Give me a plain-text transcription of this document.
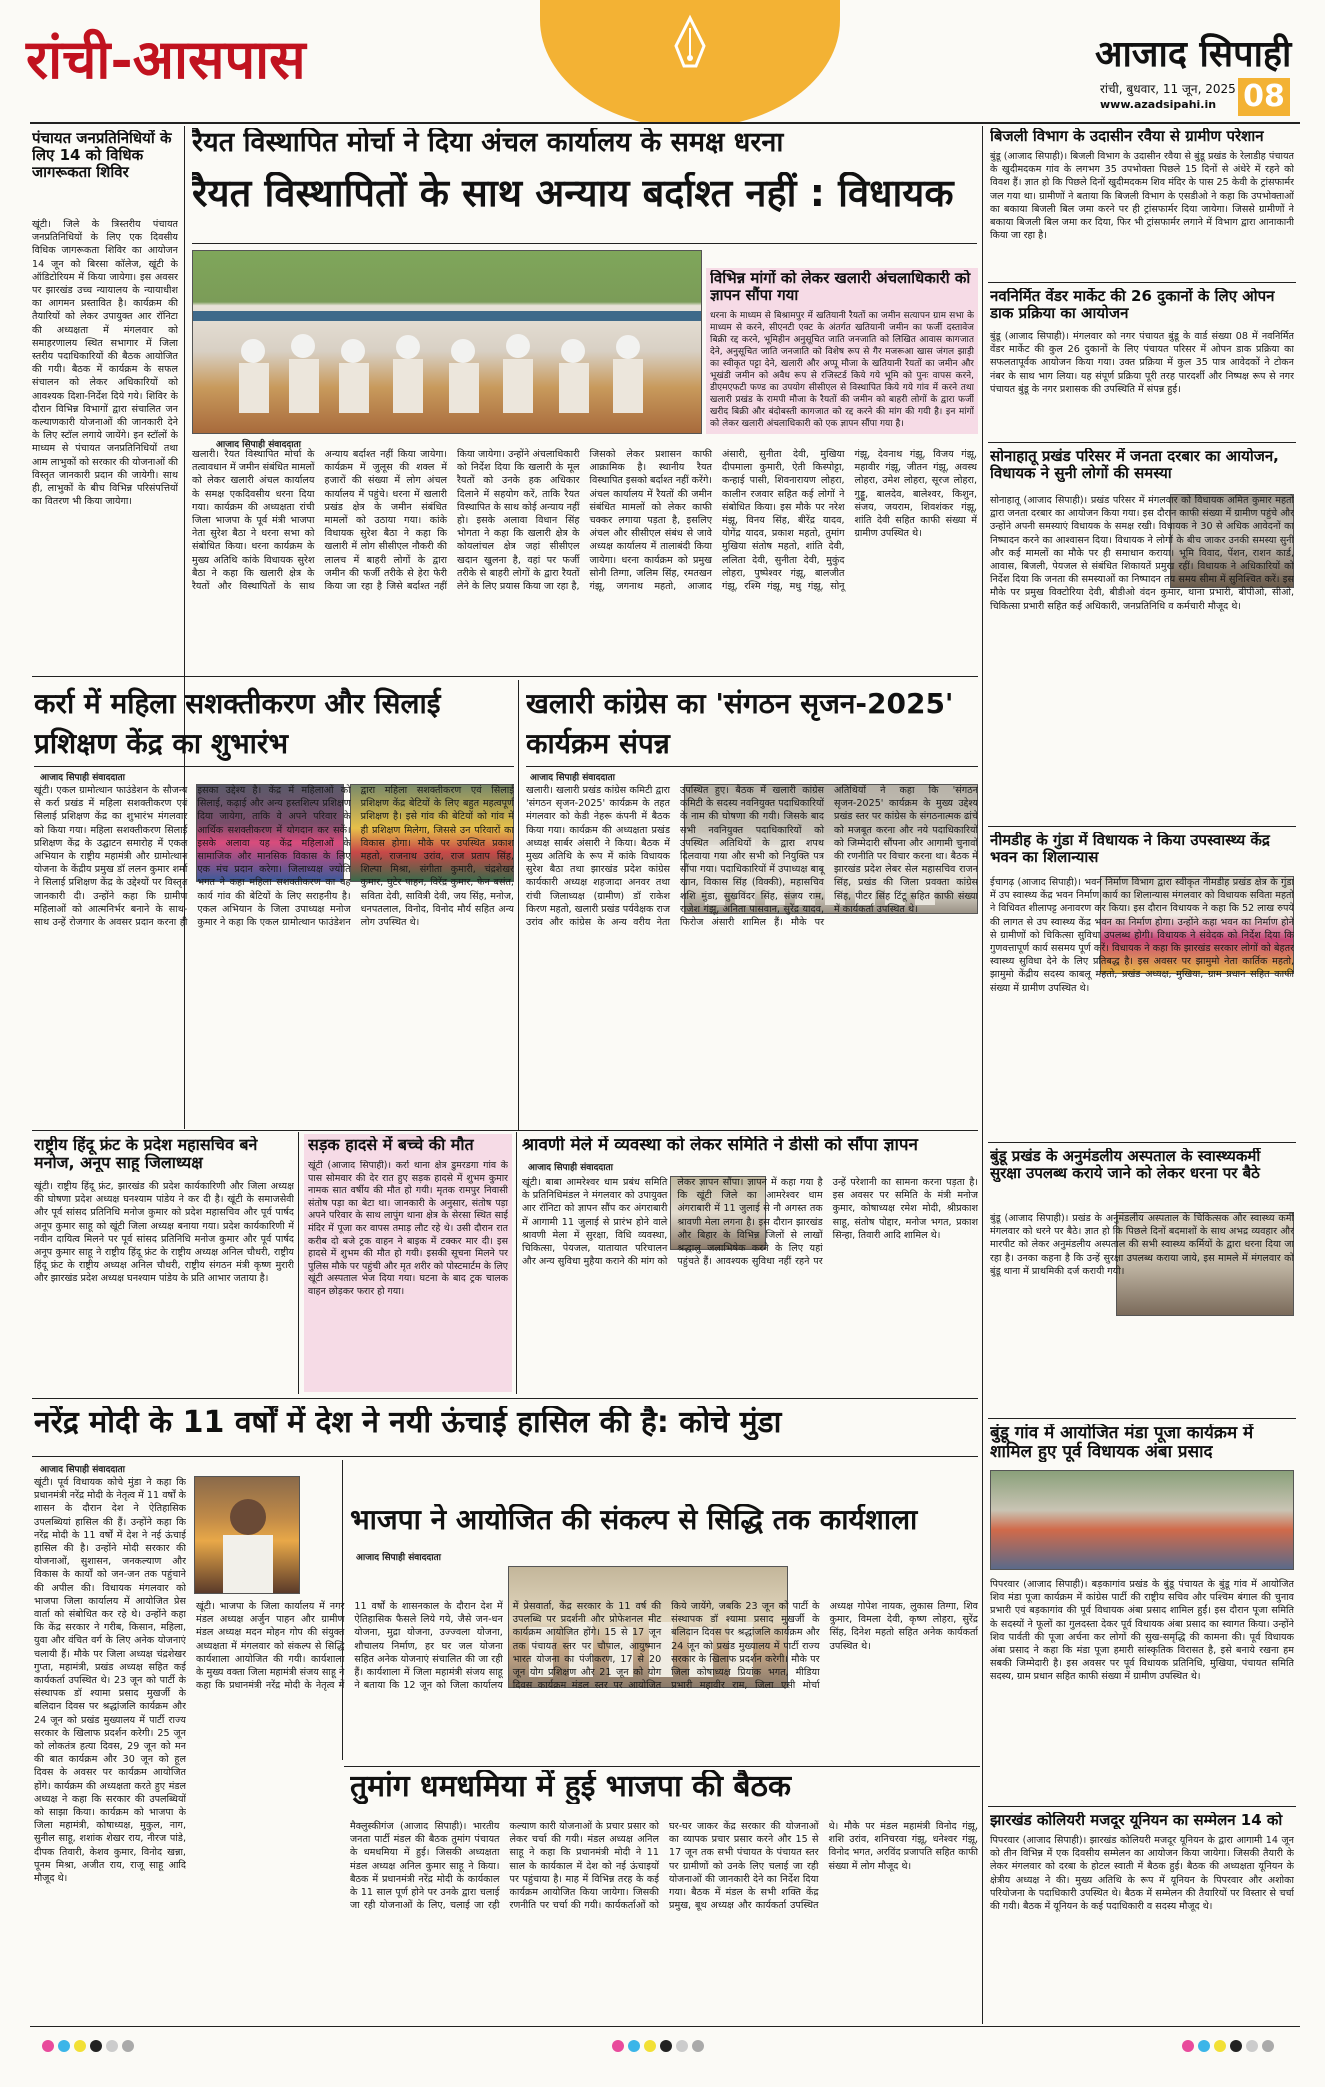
रांची-आसपास	आजाद सिपाही
रांची, बुधवार, 11 जून, 2025
www.azadsipahi.in 08
पंचायत जनप्रतिनिधियों के लिए 14 को विधिक जागरूकता शिविर
खूंटी। जिले के त्रिस्तरीय पंचायत जनप्रतिनिधियों के लिए एक दिवसीय विधिक जागरूकता शिविर का आयोजन 14 जून को बिरसा कॉलेज, खूंटी के ऑडिटोरियम में किया जायेगा। इस अवसर पर झारखंड उच्च न्यायालय के न्यायाधीश का आगमन प्रस्तावित है। कार्यक्रम की तैयारियों को लेकर उपायुक्त आर रॉनिटा की अध्यक्षता में मंगलवार को समाहरणालय स्थित सभागार में जिला स्तरीय पदाधिकारियों की बैठक आयोजित की गयी। बैठक में कार्यक्रम के सफल संचालन को लेकर अधिकारियों को आवश्यक दिशा-निर्देश दिये गये। शिविर के दौरान विभिन्न विभागों द्वारा संचालित जन कल्याणकारी योजनाओं की जानकारी देने के लिए स्टॉल लगाये जायेंगे। इन स्टॉलों के माध्यम से पंचायत जनप्रतिनिधियों तथा आम लाभुकों को सरकार की योजनाओं की विस्तृत जानकारी प्रदान की जायेगी। साथ ही, लाभुकों के बीच विभिन्न परिसंपत्तियों का वितरण भी किया जायेगा।
रैयत विस्थापित मोर्चा ने दिया अंचल कार्यालय के समक्ष धरना
रैयत विस्थापितों के साथ अन्याय बर्दाश्त नहीं : विधायक
विभिन्न मांगों को लेकर खलारी अंचलाधिकारी को ज्ञापन सौंपा गया
धरना के माध्यम से बिश्रामपुर में खतियानी रैयतों का जमीन सत्यापन ग्राम सभा के माध्यम से करने, सीएनटी एक्ट के अंतर्गत खतियानी जमीन का फर्जी दस्तावेज बिक्री रद्द करने, भूमिहीन अनुसूचित जाति जनजाति को लिखित आवास कागजात देने, अनुसूचित जाति जनजाति को विशेष रूप से गैर मजरूआ खास जंगल झाड़ी का स्वीकृत पट्टा देने, खलारी और अप्पू मौजा के खतियानी रैयतों का जमीन और भूखंडी जमीन को अवैध रूप से रजिस्टर्ड किये गये भूमि को पुनः वापस करने, डीएमएफटी फण्ड का उपयोग सीसीएल से विस्थापित किये गये गांव में करने तथा खलारी प्रखंड के रामपी मौजा के रैयतों की जमीन को बाहरी लोगों के द्वारा फर्जी खरीद बिक्री और बंदोबस्ती कागजात को रद्द करने की मांग की गयी है। इन मांगों को लेकर खलारी अंचलाधिकारी को एक ज्ञापन सौंपा गया है।
आजाद सिपाही संवाददाता
खलारी। रैयत विस्थापित मोर्चा के तत्वावधान में जमीन संबंधित मामलों को लेकर खलारी अंचल कार्यालय के समक्ष एकदिवसीय धरना दिया गया। कार्यक्रम की अध्यक्षता रांची जिला भाजपा के पूर्व मंत्री भाजपा नेता सुरेश बैठा ने धरना सभा को संबोधित किया। धरना कार्यक्रम के मुख्य अतिथि कांके विधायक सुरेश बैठा ने कहा कि खलारी क्षेत्र के रैयतों और विस्थापितों के साथ अन्याय बर्दाश्त नहीं किया जायेगा। कार्यक्रम में जुलूस की शक्ल में हजारों की संख्या में लोग अंचल कार्यालय में पहुंचे। धरना में खलारी प्रखंड क्षेत्र के जमीन संबंधित मामलों को उठाया गया। कांके विधायक सुरेश बैठा ने कहा कि खलारी में लोग सीसीएल नौकरी की लालच में बाहरी लोगों के द्वारा जमीन की फर्जी तरीके से हेरा फेरी किया जा रहा है जिसे बर्दाश्त नहीं किया जायेगा। उन्होंने अंचलाधिकारी को निर्देश दिया कि खलारी के मूल रैयतों को उनके हक अधिकार दिलाने में सहयोग करें, ताकि रैयत विस्थापित के साथ कोई अन्याय नहीं हो। इसके अलावा विधान सिंह भोगता ने कहा कि खलारी क्षेत्र के कोयलांचल क्षेत्र जहां सीसीएल खदान खुलना है, वहां पर फर्जी तरीके से बाहरी लोगों के द्वारा रैयतों लेने के लिए प्रयास किया जा रहा है, जिसको लेकर प्रशासन काफी आक्रामिक है। स्थानीय रैयत विस्थापित इसको बर्दाश्त नहीं करेंगे। अंचल कार्यालय में रैयतों की जमीन संबंधित मामलों को लेकर काफी चक्कर लगाया पड़ता है, इसलिए अंचल और सीसीएल संबंध से जावे अध्यक्ष कार्यालय में तालाबंदी किया जायेगा। धरना कार्यक्रम को प्रमुख सोनी तिग्गा, जलिम सिंह, रमतखन गंझू, जगनाथ महतो, आजाद अंसारी, सुनीता देवी, मुखिया दीपमाला कुमारी, ऐती किस्पोट्टा, कन्हाई पासी, शिवनारायण लोहरा, कालीन रजवार सहित कई लोगों ने संबोधित किया। इस मौके पर नरेश मंझू, विनय सिंह, बीरेंद्र यादव, योगेंद्र यादव, प्रकाश महतो, तुमांग मुखिया संतोष महतो, शांति देवी, ललिता देवी, सुनीता देवी, मुकुंद लोहरा, पुष्पेश्वर गंझू, बालजीत गंझू, रश्मि गंझू, मधु गंझू, सोनू गंझू, देवनाथ गंझू, विजय गंझू, महावीर गंझू, जीतन गंझू, अवस्थ लोहरा, उमेश लोहरा, सूरज लोहरा, गुड्डू, बालदेव, बालेश्वर, किशुन, संजय, जयराम, शिवशंकर गंझू, शांति देवी सहित काफी संख्या में ग्रामीण उपस्थित थे।
कर्रा में महिला सशक्तीकरण और सिलाई प्रशिक्षण केंद्र का शुभारंभ
आजाद सिपाही संवाददाता
खूंटी। एकल ग्रामोत्थान फाउंडेशन के सौजन्य से कर्रा प्रखंड में महिला सशक्तीकरण एवं सिलाई प्रशिक्षण केंद्र का शुभारंभ मंगलवार को किया गया। महिला सशक्तीकरण सिलाई प्रशिक्षण केंद्र के उद्घाटन समारोह में एकल अभियान के राष्ट्रीय महामंत्री और ग्रामोत्थान योजना के केंद्रीय प्रमुख डॉ ललन कुमार शर्मा ने सिलाई प्रशिक्षण केंद्र के उद्देश्यों पर विस्तृत जानकारी दी। उन्होंने कहा कि ग्रामीण महिलाओं को आत्मनिर्भर बनाने के साथ-साथ उन्हें रोजगार के अवसर प्रदान करना ही इसका उद्देश्य है। केंद्र में महिलाओं को सिलाई, कढ़ाई और अन्य हस्तशिल्प प्रशिक्षण दिया जायेगा, ताकि वे अपने परिवार के आर्थिक सशक्तीकरण में योगदान कर सकें। इसके अलावा यह केंद्र महिलाओं के सामाजिक और मानसिक विकास के लिए एक मंच प्रदान करेगा। जिलाध्यक्ष ज्योति भगत ने कहा महिला सशक्तीकरण का यह कार्य गांव की बेटियों के लिए सराहनीय है। एकल अभियान के जिला उपाध्यक्ष मनोज कुमार ने कहा कि एकल ग्रामोत्थान फाउंडेशन द्वारा महिला सशक्तीकरण एवं सिलाई प्रशिक्षण केंद्र बेटियों के लिए बहुत महत्वपूर्ण प्रशिक्षण है। इसे गांव की बेटियों को गांव में ही प्रशिक्षण मिलेगा, जिससे उन परिवारों का विकास होगा। मौके पर उपस्थित प्रकाश महतो, राजनाथ उरांव, राज प्रताप सिंह, शिल्पा मिश्रा, संगीता कुमारी, चंद्रशेखर कुमार, घुटेर पाहन, विरेंद्र कुमार, फेन बसंत, सविता देवी, सावित्री देवी, जय सिंह, मनोज, धनपतलाल, विनोद, विनोद मौर्य सहित अन्य लोग उपस्थित थे।
खलारी कांग्रेस का 'संगठन सृजन-2025' कार्यक्रम संपन्न
आजाद सिपाही संवाददाता
खलारी। खलारी प्रखंड कांग्रेस कमिटी द्वारा 'संगठन सृजन-2025' कार्यक्रम के तहत मंगलवार को केडी नेहरू कंपनी में बैठक किया गया। कार्यक्रम की अध्यक्षता प्रखंड अध्यक्ष सार्बर अंसारी ने किया। बैठक में मुख्य अतिथि के रूप में कांके विधायक सुरेश बैठा तथा झारखंड प्रदेश कांग्रेस कार्यकारी अध्यक्ष शहजादा अनवर तथा रांची जिलाध्यक्ष (ग्रामीण) डॉ राकेश किरण महतो, खलारी प्रखंड पर्यवेक्षक राज उरांव और कांग्रेस के अन्य वरीय नेता उपस्थित हुए। बैठक में खलारी कांग्रेस कमिटी के सदस्य नवनियुक्त पदाधिकारियों के नाम की घोषणा की गयी। जिसके बाद सभी नवनियुक्त पदाधिकारियों को उपस्थित अतिथियों के द्वारा शपथ दिलवाया गया और सभी को नियुक्ति पत्र सौंपा गया। पदाधिकारियों में उपाध्यक्ष बाबू खान, विकास सिंह (विक्की), महासचिव शशि मुंडा, सुखविंदर सिंह, संजय राम, राजेश गंझू, अनिता पासवान, सुरेंद्र यादव, फिरोज अंसारी शामिल हैं। मौके पर अतिथियों ने कहा कि 'संगठन सृजन-2025' कार्यक्रम के मुख्य उद्देश्य प्रखंड स्तर पर कांग्रेस के संगठनात्मक ढांचे को मजबूत करना और नये पदाधिकारियों को जिम्मेदारी सौंपना और आगामी चुनावों की रणनीति पर विचार करना था। बैठक में झारखंड प्रदेश लेबर सेल महासचिव राजन सिंह, प्रखंड की जिला प्रवक्ता कांग्रेस सिंह, पीटर सिंह टिंटू सहित काफी संख्या में कार्यकर्ता उपस्थित थे।
राष्ट्रीय हिंदू फ्रंट के प्रदेश महासचिव बने मनोज, अनूप साहू जिलाध्यक्ष
खूंटी। राष्ट्रीय हिंदू फ्रंट, झारखंड की प्रदेश कार्यकारिणी और जिला अध्यक्ष की घोषणा प्रदेश अध्यक्ष घनश्याम पांडेय ने कर दी है। खूंटी के समाजसेवी और पूर्व सांसद प्रतिनिधि मनोज कुमार को प्रदेश महासचिव और पूर्व पार्षद अनूप कुमार साहू को खूंटी जिला अध्यक्ष बनाया गया। प्रदेश कार्यकारिणी में नवीन दायित्व मिलने पर पूर्व सांसद प्रतिनिधि मनोज कुमार और पूर्व पार्षद अनूप कुमार साहू ने राष्ट्रीय हिंदू फ्रंट के राष्ट्रीय अध्यक्ष अनिल चौधरी, राष्ट्रीय हिंदू फ्रंट के राष्ट्रीय अध्यक्ष अनिल चौधरी, राष्ट्रीय संगठन मंत्री कृष्ण मुरारी और झारखंड प्रदेश अध्यक्ष घनश्याम पांडेय के प्रति आभार जताया है।
सड़क हादसे में बच्चे की मौत
खूंटी (आजाद सिपाही)। कर्रा थाना क्षेत्र डुमरडगा गांव के पास सोमवार की देर रात हुए सड़क हादसे में शुभम कुमार नामक सात वर्षीय की मौत हो गयी। मृतक रामपुर निवासी संतोष पड़ा का बेटा था। जानकारी के अनुसार, संतोष पड़ा अपने परिवार के साथ लापुंग थाना क्षेत्र के सेरसा स्थित साई मंदिर में पूजा कर वापस तमाड़ लौट रहे थे। उसी दौरान रात करीब दो बजे ट्रक वाहन ने बाइक में टक्कर मार दी। इस हादसे में शुभम की मौत हो गयी। इसकी सूचना मिलने पर पुलिस मौके पर पहुंची और मृत शरीर को पोस्टमार्टम के लिए खूंटी अस्पताल भेज दिया गया। घटना के बाद ट्रक चालक वाहन छोड़कर फरार हो गया।
श्रावणी मेले में व्यवस्था को लेकर समिति ने डीसी को सौंपा ज्ञापन
आजाद सिपाही संवाददाता
खूंटी। बाबा आमरेश्वर धाम प्रबंध समिति के प्रतिनिधिमंडल ने मंगलवार को उपायुक्त आर रॉनिटा को ज्ञापन सौंप कर अंगराबारी में आगामी 11 जुलाई से प्रारंभ होने वाले श्रावणी मेला में सुरक्षा, विधि व्यवस्था, चिकित्सा, पेयजल, यातायात परिचालन और अन्य सुविधा मुहैया कराने की मांग को लेकर ज्ञापन सौंपा। ज्ञापन में कहा गया है कि खूंटी जिले का आमरेश्वर धाम अंगराबारी में 11 जुलाई से नौ अगस्त तक श्रावणी मेला लगना है। इस दौरान झारखंड और बिहार के विभिन्न जिलों से लाखों श्रद्धालु जलाभिषेक करने के लिए यहां पहुंचते हैं। आवश्यक सुविधा नहीं रहने पर उन्हें परेशानी का सामना करना पड़ता है। इस अवसर पर समिति के मंत्री मनोज कुमार, कोषाध्यक्ष रमेश मोदी, श्रीप्रकाश साहू, संतोष पोद्दार, मनोज भगत, प्रकाश सिन्हा, तिवारी आदि शामिल थे।
नरेंद्र मोदी के 11 वर्षों में देश ने नयी ऊंचाई हासिल की है: कोचे मुंडा
आजाद सिपाही संवाददाता
खूंटी। पूर्व विधायक कोचे मुंडा ने कहा कि प्रधानमंत्री नरेंद्र मोदी के नेतृत्व में 11 वर्षों के शासन के दौरान देश ने ऐतिहासिक उपलब्धियां हासिल की हैं। उन्होंने कहा कि नरेंद्र मोदी के 11 वर्षों में देश ने नई ऊंचाई हासिल की है। उन्होंने मोदी सरकार की योजनाओं, सुशासन, जनकल्याण और विकास के कार्यों को जन-जन तक पहुंचाने की अपील की। विधायक मंगलवार को भाजपा जिला कार्यालय में आयोजित प्रेस वार्ता को संबोधित कर रहे थे। उन्होंने कहा कि केंद्र सरकार ने गरीब, किसान, महिला, युवा और वंचित वर्ग के लिए अनेक योजनाएं चलायी हैं। मौके पर जिला अध्यक्ष चंद्रशेखर गुप्ता, महामंत्री, प्रखंड अध्यक्ष सहित कई कार्यकर्ता उपस्थित थे। 23 जून को पार्टी के संस्थापक डॉ श्यामा प्रसाद मुखर्जी के बलिदान दिवस पर श्रद्धांजलि कार्यक्रम और 24 जून को प्रखंड मुख्यालय में पार्टी राज्य सरकार के खिलाफ प्रदर्शन करेगी। 25 जून को लोकतंत्र हत्या दिवस, 29 जून को मन की बात कार्यक्रम और 30 जून को हूल दिवस के अवसर पर कार्यक्रम आयोजित होंगे। कार्यक्रम की अध्यक्षता करते हुए मंडल अध्यक्ष ने कहा कि सरकार की उपलब्धियों को साझा किया। कार्यक्रम को भाजपा के जिला महामंत्री, कोषाध्यक्ष, मुकुल, नाग, सुनील साहू, शशांक शेखर राय, नीरज पांडे, दीपक तिवारी, केशव कुमार, विनोद खन्ना, पूनम मिश्रा, अजीत राय, राजू साहू आदि मौजूद थे।
भाजपा ने आयोजित की संकल्प से सिद्धि तक कार्यशाला
आजाद सिपाही संवाददाता
खूंटी। भाजपा के जिला कार्यालय में नगर मंडल अध्यक्ष अर्जुन पाहन और ग्रामीण मंडल अध्यक्ष मदन मोहन गोप की संयुक्त अध्यक्षता में मंगलवार को संकल्प से सिद्धि कार्यशाला आयोजित की गयी। कार्यशाला के मुख्य वक्ता जिला महामंत्री संजय साहू ने कहा कि प्रधानमंत्री नरेंद्र मोदी के नेतृत्व में 11 वर्षों के शासनकाल के दौरान देश में ऐतिहासिक फैसले लिये गये, जैसे जन-धन योजना, मुद्रा योजना, उज्ज्वला योजना, शौचालय निर्माण, हर घर जल योजना सहित अनेक योजनाएं संचालित की जा रही हैं। कार्यशाला में जिला महामंत्री संजय साहू ने बताया कि 12 जून को जिला कार्यालय में प्रेसवार्ता, केंद्र सरकार के 11 वर्ष की उपलब्धि पर प्रदर्शनी और प्रोफेशनल मीट कार्यक्रम आयोजित होंगे। 15 से 17 जून तक पंचायत स्तर पर चौपाल, आयुष्मान भारत योजना का पंजीकरण, 17 से 20 जून योग प्रशिक्षण और 21 जून को योग दिवस कार्यक्रम मंडल स्तर पर आयोजित किये जायेंगे, जबकि 23 जून को पार्टी के संस्थापक डॉ श्यामा प्रसाद मुखर्जी के बलिदान दिवस पर श्रद्धांजलि कार्यक्रम और 24 जून को प्रखंड मुख्यालय में पार्टी राज्य सरकार के खिलाफ प्रदर्शन करेगी। मौके पर जिला कोषाध्यक्ष प्रियांक भगत, मीडिया प्रभारी महावीर राम, जिला एसी मोर्चा अध्यक्ष गोपेश नायक, लुकास तिग्गा, शिव कुमार, विमला देवी, कृष्ण लोहरा, सुरेंद्र सिंह, दिनेश महतो सहित अनेक कार्यकर्ता उपस्थित थे।
तुमांग धमधमिया में हुई भाजपा की बैठक
मैक्लुस्कीगंज (आजाद सिपाही)। भारतीय जनता पार्टी मंडल की बैठक तुमांग पंचायत के धमधमिया में हुई। जिसकी अध्यक्षता मंडल अध्यक्ष अनिल कुमार साहू ने किया। बैठक में प्रधानमंत्री नरेंद्र मोदी के कार्यकाल के 11 साल पूर्ण होने पर उनके द्वारा चलाई जा रही योजनाओं के लिए, चलाई जा रही कल्याण कारी योजनाओं के प्रचार प्रसार को लेकर चर्चा की गयी। मंडल अध्यक्ष अनिल साहू ने कहा कि प्रधानमंत्री मोदी ने 11 साल के कार्यकाल में देश को नई ऊंचाइयों पर पहुंचाया है। माह में विभिन्न तरह के कई कार्यक्रम आयोजित किया जायेगा। जिसकी रणनीति पर चर्चा की गयी। कार्यकर्ताओं को घर-घर जाकर केंद्र सरकार की योजनाओं का व्यापक प्रचार प्रसार करने और 15 से 17 जून तक सभी पंचायत के पंचायत स्तर पर ग्रामीणों को उनके लिए चलाई जा रही योजनाओं की जानकारी देने का निर्देश दिया गया। बैठक में मंडल के सभी शक्ति केंद्र प्रमुख, बूथ अध्यक्ष और कार्यकर्ता उपस्थित थे। मौके पर मंडल महामंत्री विनोद गंझू, शशि उरांव, शनिचरवा गंझू, धनेश्वर गंझू, विनोद भगत, अरविंद प्रजापति सहित काफी संख्या में लोग मौजूद थे।
बिजली विभाग के उदासीन रवैया से ग्रामीण परेशान
बुंडू (आजाद सिपाही)। बिजली विभाग के उदासीन रवैया से बुंडू प्रखंड के रेलाडीह पंचायत के खुदीमदकम गांव के लगभग 35 उपभोक्ता पिछले 15 दिनों से अंधेरे में रहने को विवश हैं। ज्ञात हो कि पिछले दिनों खुदीमदकम शिव मंदिर के पास 25 केवी के ट्रांसफार्मर जल गया था। ग्रामीणों ने बताया कि बिजली विभाग के एसडीओ ने कहा कि उपभोक्ताओं का बकाया बिजली बिल जमा करने पर ही ट्रांसफार्मर दिया जायेगा। जिससे ग्रामीणों ने बकाया बिजली बिल जमा कर दिया, फिर भी ट्रांसफार्मर लगाने में विभाग द्वारा आनाकानी किया जा रहा है।
नवनिर्मित वेंडर मार्केट की 26 दुकानों के लिए ओपन डाक प्रक्रिया का आयोजन
बुंडू (आजाद सिपाही)। मंगलवार को नगर पंचायत बुंडू के वार्ड संख्या 08 में नवनिर्मित वेंडर मार्केट की कुल 26 दुकानों के लिए पंचायत परिसर में ओपन डाक प्रक्रिया का सफलतापूर्वक आयोजन किया गया। उक्त प्रक्रिया में कुल 35 पात्र आवेदकों ने टोकन नंबर के साथ भाग लिया। यह संपूर्ण प्रक्रिया पूरी तरह पारदर्शी और निष्पक्ष रूप से नगर पंचायत बुंडू के नगर प्रशासक की उपस्थिति में संपन्न हुई।
सोनाहातू प्रखंड परिसर में जनता दरबार का आयोजन, विधायक ने सुनी लोगों की समस्या
सोनाहातू (आजाद सिपाही)। प्रखंड परिसर में मंगलवार को विधायक अमित कुमार महतो द्वारा जनता दरबार का आयोजन किया गया। इस दौरान काफी संख्या में ग्रामीण पहुंचे और उन्होंने अपनी समस्याएं विधायक के समक्ष रखी। विधायक ने 30 से अधिक आवेदनों का निष्पादन करने का आश्वासन दिया। विधायक ने लोगों के बीच जाकर उनकी समस्या सुनी और कई मामलों का मौके पर ही समाधान कराया। भूमि विवाद, पेंशन, राशन कार्ड, आवास, बिजली, पेयजल से संबंधित शिकायतें प्रमुख रहीं। विधायक ने अधिकारियों को निर्देश दिया कि जनता की समस्याओं का निष्पादन तय समय सीमा में सुनिश्चित करें। इस मौके पर प्रमुख विक्टोरिया देवी, बीडीओ वंदन कुमार, थाना प्रभारी, बीपीओ, सीओ, चिकित्सा प्रभारी सहित कई अधिकारी, जनप्रतिनिधि व कर्मचारी मौजूद थे।
नीमडीह के गुंडा में विधायक ने किया उपस्वास्थ्य केंद्र भवन का शिलान्यास
ईचागढ़ (आजाद सिपाही)। भवन निर्माण विभाग द्वारा स्वीकृत नीमडीह प्रखंड क्षेत्र के गुंडा में उप स्वास्थ्य केंद्र भवन निर्माण कार्य का शिलान्यास मंगलवार को विधायक सविता महतो ने विधिवत शीलापट्ट अनावरण कर किया। इस दौरान विधायक ने कहा कि 52 लाख रुपये की लागत से उप स्वास्थ्य केंद्र भवन का निर्माण होगा। उन्होंने कहा भवन का निर्माण होने से ग्रामीणों को चिकित्सा सुविधा उपलब्ध होगी। विधायक ने संवेदक को निर्देश दिया कि गुणवत्तापूर्ण कार्य ससमय पूर्ण करें। विधायक ने कहा कि झारखंड सरकार लोगों को बेहतर स्वास्थ्य सुविधा देने के लिए प्रतिबद्ध है। इस अवसर पर झामुमो नेता कार्तिक महतो, झामुमो केंद्रीय सदस्य काबलू महतो, प्रखंड अध्यक्ष, मुखिया, ग्राम प्रधान सहित काफी संख्या में ग्रामीण उपस्थित थे।
बुंडू प्रखंड के अनुमंडलीय अस्पताल के स्वास्थ्यकर्मी सुरक्षा उपलब्ध कराये जाने को लेकर धरना पर बैठे
बुंडू (आजाद सिपाही)। प्रखंड के अनुमंडलीय अस्पताल के चिकित्सक और स्वास्थ्य कर्मी मंगलवार को धरने पर बैठे। ज्ञात हो कि पिछले दिनों बदमाशों के साथ अभद्र व्यवहार और मारपीट को लेकर अनुमंडलीय अस्पताल की सभी स्वास्थ्य कर्मियों के द्वारा धरना दिया जा रहा है। उनका कहना है कि उन्हें सुरक्षा उपलब्ध कराया जाये, इस मामले में मंगलवार को बुंडू थाना में प्राथमिकी दर्ज करायी गयी।
बुंडू गांव में आयोजित मंडा पूजा कार्यक्रम में शामिल हुए पूर्व विधायक अंबा प्रसाद
पिपरवार (आजाद सिपाही)। बड़कागांव प्रखंड के बुंडू पंचायत के बुंडू गांव में आयोजित शिव मंडा पूजा कार्यक्रम में कांग्रेस पार्टी की राष्ट्रीय सचिव और पश्चिम बंगाल की चुनाव प्रभारी एवं बड़कागांव की पूर्व विधायक अंबा प्रसाद शामिल हुईं। इस दौरान पूजा समिति के सदस्यों ने फूलों का गुलदस्ता देकर पूर्व विधायक अंबा प्रसाद का स्वागत किया। उन्होंने शिव पार्वती की पूजा अर्चना कर लोगों की सुख-समृद्धि की कामना की। पूर्व विधायक अंबा प्रसाद ने कहा कि मंडा पूजा हमारी सांस्कृतिक विरासत है, इसे बनाये रखना हम सबकी जिम्मेदारी है। इस अवसर पर पूर्व विधायक प्रतिनिधि, मुखिया, पंचायत समिति सदस्य, ग्राम प्रधान सहित काफी संख्या में ग्रामीण उपस्थित थे।
झारखंड कोलियरी मजदूर यूनियन का सम्मेलन 14 को
पिपरवार (आजाद सिपाही)। झारखंड कोलियरी मजदूर यूनियन के द्वारा आगामी 14 जून को तीन विभिन्न में एक दिवसीय सम्मेलन का आयोजन किया जायेगा। जिसकी तैयारी के लेकर मंगलवार को दरबा के होटल स्वाती में बैठक हुई। बैठक की अध्यक्षता यूनियन के क्षेत्रीय अध्यक्ष ने की। मुख्य अतिथि के रूप में यूनियन के पिपरवार और अशोका परियोजना के पदाधिकारी उपस्थित थे। बैठक में सम्मेलन की तैयारियों पर विस्तार से चर्चा की गयी। बैठक में यूनियन के कई पदाधिकारी व सदस्य मौजूद थे।
